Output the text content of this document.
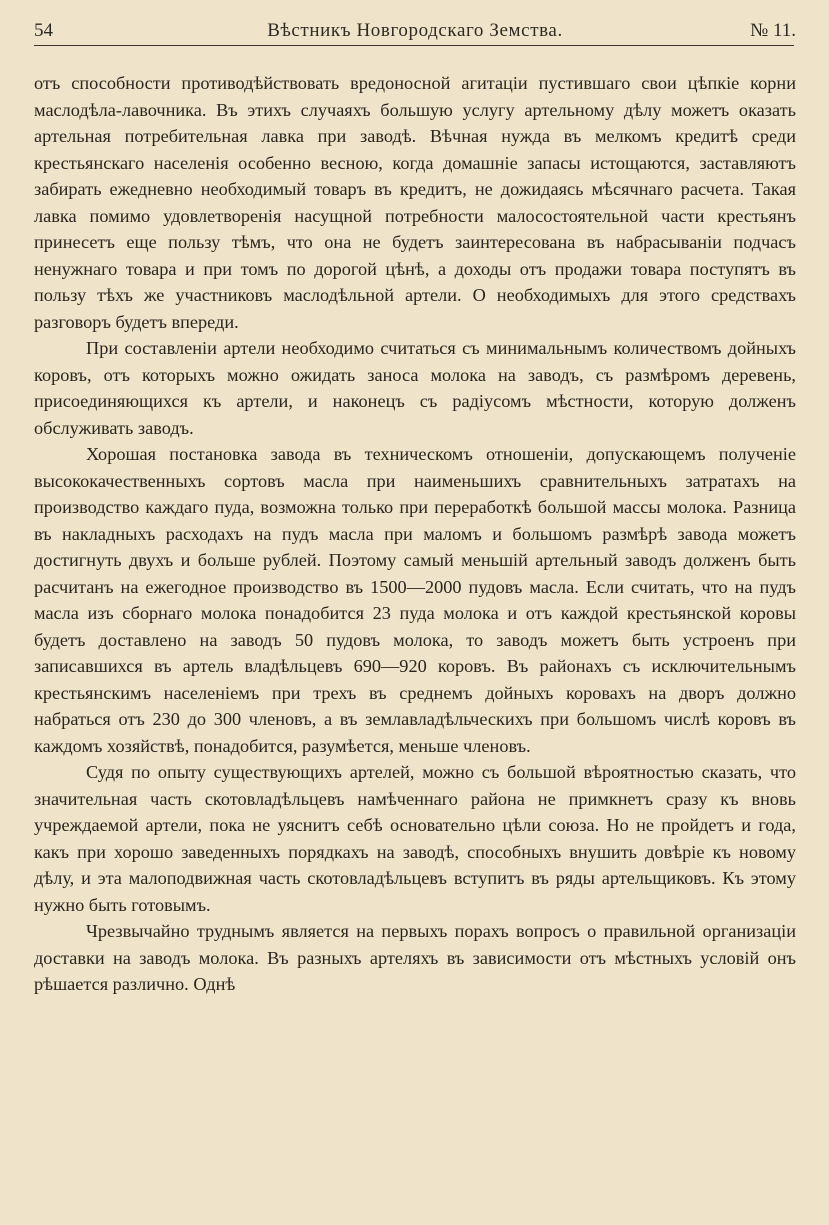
54	Вѣстникъ Новгородскаго Земства.	№ 11.

отъ способности противодѣйствовать вредоносной агитаціи пустившаго свои цѣпкіе корни маслодѣла-лавочника. Въ этихъ случаяхъ большую услугу артельному дѣлу можетъ оказать артельная потребительная лавка при заводѣ. Вѣчная нужда въ мелкомъ кредитѣ среди крестьянскаго населенія особенно весною, когда домашніе запасы истощаются, заставляютъ забирать ежедневно необходимый товаръ въ кредитъ, не дожидаясь мѣсячнаго расчета. Такая лавка помимо удовлетворенія насущной потребности малосостоятельной части крестьянъ принесетъ еще пользу тѣмъ, что она не будетъ заинтересована въ набрасываніи подчасъ ненужнаго товара и при томъ по дорогой цѣнѣ, а доходы отъ продажи товара поступятъ въ пользу тѣхъ же участниковъ маслодѣльной артели. О необходимыхъ для этого средствахъ разговоръ будетъ впереди.

При составленіи артели необходимо считаться съ минимальнымъ количествомъ дойныхъ коровъ, отъ которыхъ можно ожидать заноса молока на заводъ, съ размѣромъ деревень, присоединяющихся къ артели, и наконецъ съ радіусомъ мѣстности, которую долженъ обслуживать заводъ.

Хорошая постановка завода въ техническомъ отношеніи, допускающемъ полученіе высококачественныхъ сортовъ масла при наименьшихъ сравнительныхъ затратахъ на производство каждаго пуда, возможна только при переработкѣ большой массы молока. Разница въ накладныхъ расходахъ на пудъ масла при маломъ и большомъ размѣрѣ завода можетъ достигнуть двухъ и больше рублей. Поэтому самый меньшій артельный заводъ долженъ быть расчитанъ на ежегодное производство въ 1500—2000 пудовъ масла. Если считать, что на пудъ масла изъ сборнаго молока понадобится 23 пуда молока и отъ каждой крестьянской коровы будетъ доставлено на заводъ 50 пудовъ молока, то заводъ можетъ быть устроенъ при записавшихся въ артель владѣльцевъ 690—920 коровъ. Въ районахъ съ исключительнымъ крестьянскимъ населеніемъ при трехъ въ среднемъ дойныхъ коровахъ на дворъ должно набраться отъ 230 до 300 членовъ, а въ землавладѣльческихъ при большомъ числѣ коровъ въ каждомъ хозяйствѣ, понадобится, разумѣется, меньше членовъ.

Судя по опыту существующихъ артелей, можно съ большой вѣроятностью сказать, что значительная часть скотовладѣльцевъ намѣченнаго района не примкнетъ сразу къ вновь учреждаемой артели, пока не уяснитъ себѣ основательно цѣли союза. Но не пройдетъ и года, какъ при хорошо заведенныхъ порядкахъ на заводѣ, способныхъ внушить довѣріе къ новому дѣлу, и эта малоподвижная часть скотовладѣльцевъ вступитъ въ ряды артельщиковъ. Къ этому нужно быть готовымъ.

Чрезвычайно труднымъ является на первыхъ порахъ вопросъ о правильной организаціи доставки на заводъ молока. Въ разныхъ артеляхъ въ зависимости отъ мѣстныхъ условій онъ рѣшается различно. Однѣ
